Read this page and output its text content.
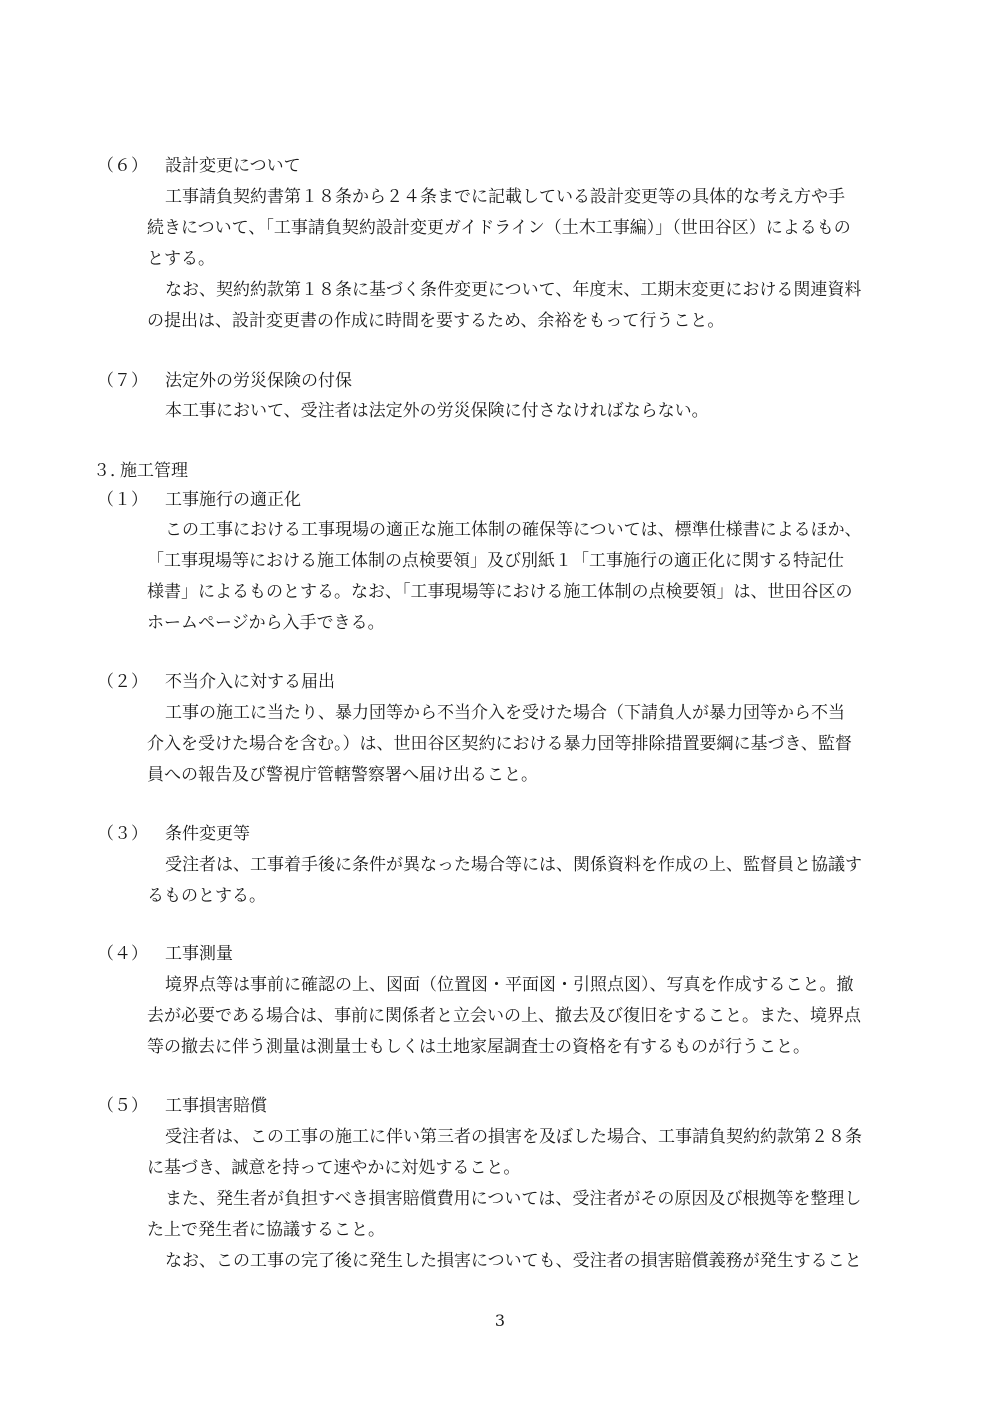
（６） 設計変更について
工事請負契約書第１８条から２４条までに記載している設計変更等の具体的な考え方や手
続きについて、「工事請負契約設計変更ガイドライン（土木工事編）」（世田谷区）によるもの
とする。
なお、契約約款第１８条に基づく条件変更について、年度末、工期末変更における関連資料
の提出は、設計変更書の作成に時間を要するため、余裕をもって行うこと。
（７） 法定外の労災保険の付保
本工事において、受注者は法定外の労災保険に付さなければならない。
３．
施工管理
（１） 工事施行の適正化
この工事における工事現場の適正な施工体制の確保等については、標準仕様書によるほか、
「工事現場等における施工体制の点検要領」及び別紙１「工事施行の適正化に関する特記仕
様書」によるものとする。なお、「工事現場等における施工体制の点検要領」は、世田谷区の
ホームページから入手できる。
（２） 不当介入に対する届出
工事の施工に当たり、暴力団等から不当介入を受けた場合（下請負人が暴力団等から不当
介入を受けた場合を含む。）は、世田谷区契約における暴力団等排除措置要綱に基づき、監督
員への報告及び警視庁管轄警察署へ届け出ること。
（３） 条件変更等
受注者は、工事着手後に条件が異なった場合等には、関係資料を作成の上、監督員と協議す
るものとする。
（４） 工事測量
境界点等は事前に確認の上、図面（位置図・平面図・引照点図）、写真を作成すること。撤
去が必要である場合は、事前に関係者と立会いの上、撤去及び復旧をすること。また、境界点
等の撤去に伴う測量は測量士もしくは土地家屋調査士の資格を有するものが行うこと。
（５） 工事損害賠償
受注者は、この工事の施工に伴い第三者の損害を及ぼした場合、工事請負契約約款第２８条
に基づき、誠意を持って速やかに対処すること。
また、発生者が負担すべき損害賠償費用については、受注者がその原因及び根拠等を整理し
た上で発生者に協議すること。
なお、この工事の完了後に発生した損害についても、受注者の損害賠償義務が発生すること
3
